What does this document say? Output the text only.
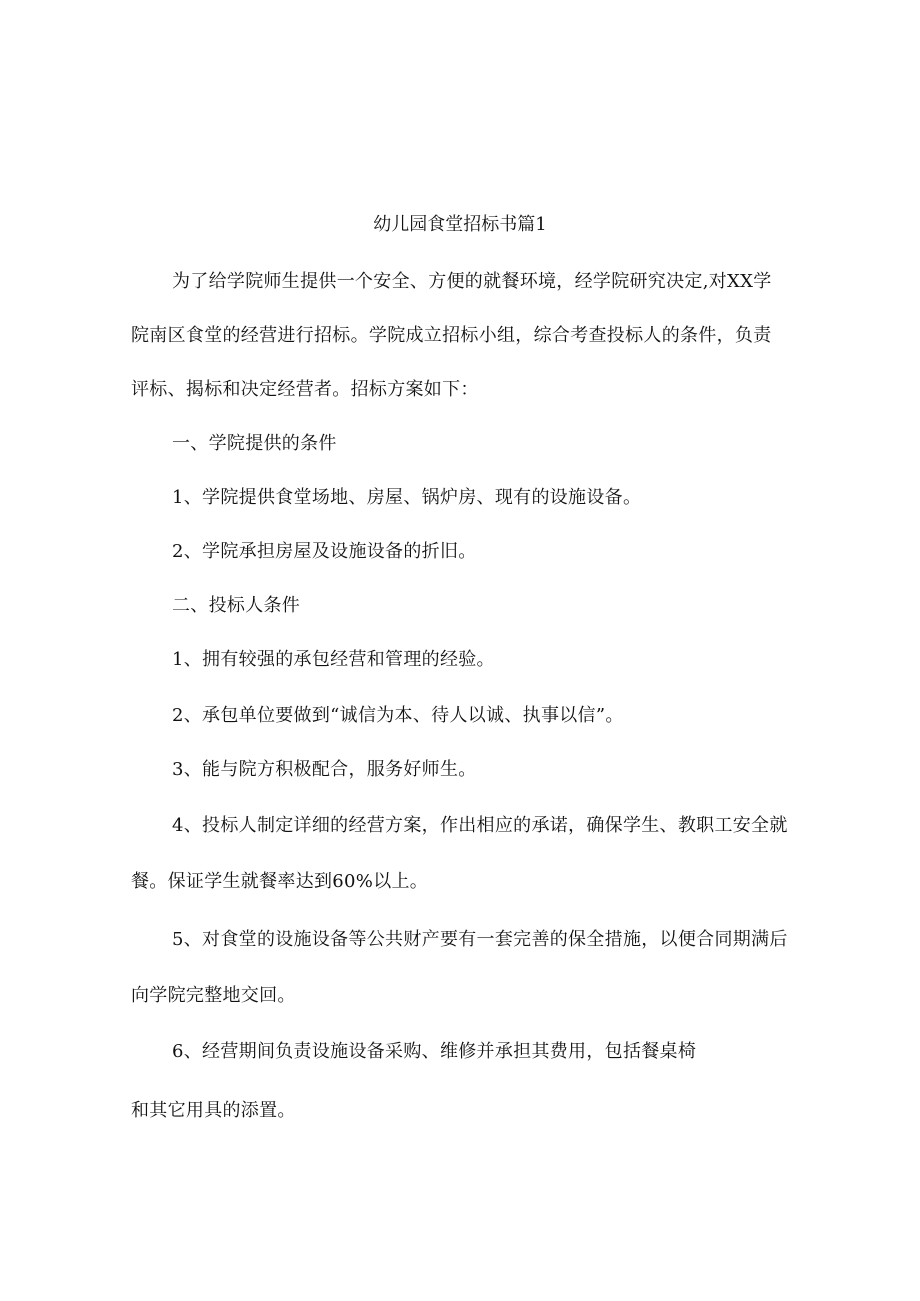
幼儿园食堂招标书篇1
为了给学院师生提供一个安全、方便的就餐环境，经学院研究决定,对XX学
院南区食堂的经营进行招标。学院成立招标小组，综合考查投标人的条件，负责
评标、揭标和决定经营者。招标方案如下：
一、学院提供的条件
1、学院提供食堂场地、房屋、锅炉房、现有的设施设备。
2、学院承担房屋及设施设备的折旧。
二、投标人条件
1、拥有较强的承包经营和管理的经验。
2、承包单位要做到“诚信为本、待人以诚、执事以信”。
3、能与院方积极配合，服务好师生。
4、投标人制定详细的经营方案，作出相应的承诺，确保学生、教职工安全就
餐。保证学生就餐率达到60%以上。
5、对食堂的设施设备等公共财产要有一套完善的保全措施，以便合同期满后
向学院完整地交回。
6、经营期间负责设施设备采购、维修并承担其费用，包括餐桌椅
和其它用具的添置。
